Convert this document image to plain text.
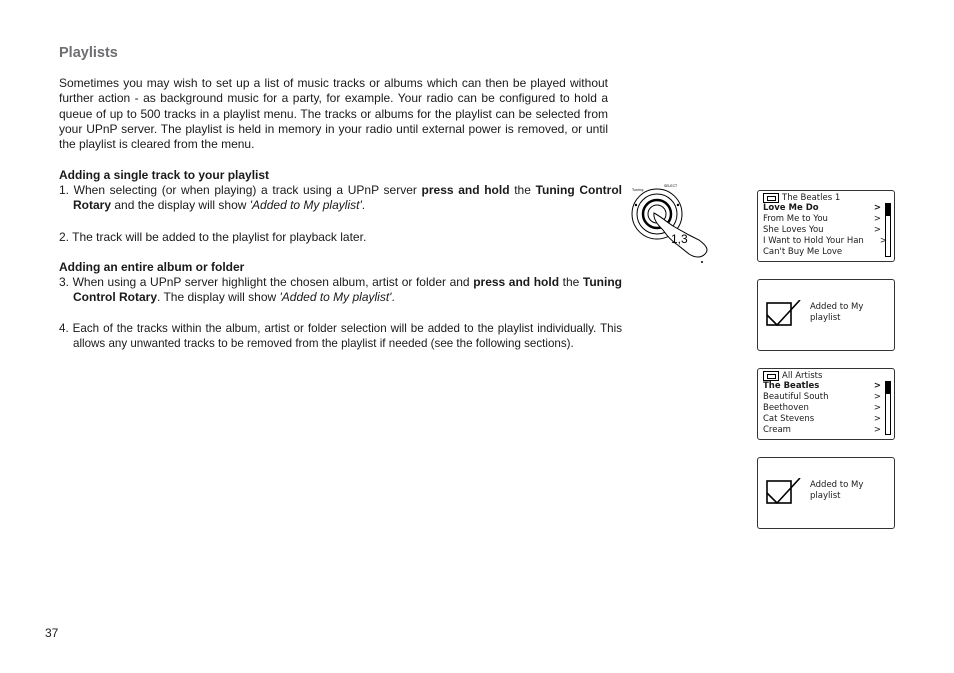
Playlists

Sometimes you may wish to set up a list of music tracks or albums which can then be played without further action - as background music for a party, for example. Your radio can be configured to hold a queue of up to 500 tracks in a playlist menu. The tracks or albums for the playlist can be selected from your UPnP server. The playlist is held in memory in your radio until external power is removed, or until the playlist is cleared from the menu.

Adding a single track to your playlist
1. When selecting (or when playing) a track using a UPnP server press and hold the Tuning Control Rotary and the display will show 'Added to My playlist'.
2. The track will be added to the playlist for playback later.
Adding an entire album or folder
3. When using a UPnP server highlight the chosen album, artist or folder and press and hold the Tuning Control Rotary. The display will show 'Added to My playlist'.
4. Each of the tracks within the album, artist or folder selection will be added to the playlist individually. This allows any unwanted tracks to be removed from the playlist if needed (see the following sections).
Tuning
SELECT
1,3
The Beatles 1
Love Me Do	>
From Me to You	>
She Loves You	>
I Want to Hold Your Han >
Can't Buy Me Love
Added to My playlist
All Artists
The Beatles	>
Beautiful South	>
Beethoven	>
Cat Stevens	>
Cream	>
Added to My playlist
37
